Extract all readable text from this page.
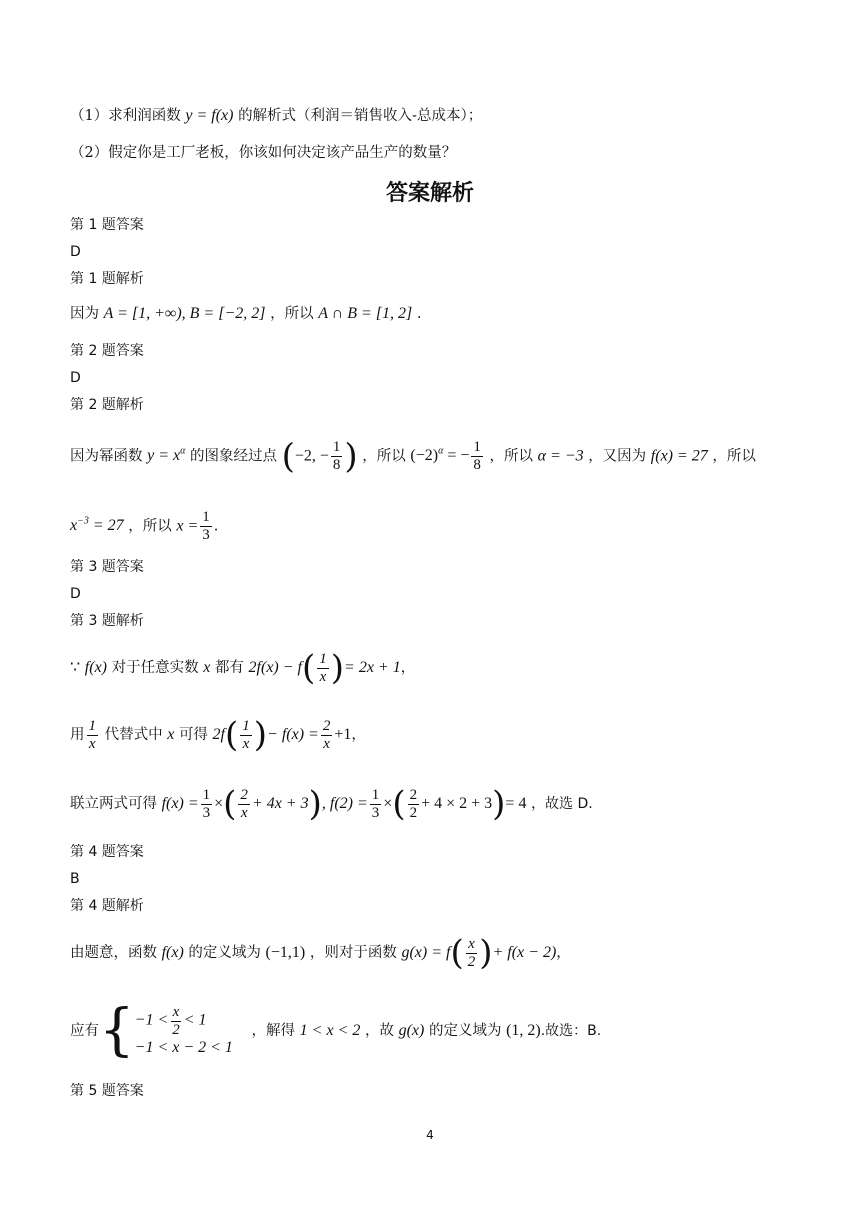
（1）求利润函数 y = f(x) 的解析式（利润＝销售收入-总成本）；
（2）假定你是工厂老板，你该如何决定该产品生产的数量？
答案解析
第 1 题答案
D
第 1 题解析
因为 A = [1, +∞), B = [−2, 2] ，所以 A ∩ B = [1, 2] .
第 2 题答案
D
第 2 题解析
因为幂函数 $y = x^\alpha$ 的图象经过点 (−2, − $\frac{1}{8}$ ) ，所以 $(-2)^\alpha$ = − $\frac{1}{8}$ ，所以 α = −3 ，又因为 f(x) = 27 ，所以
$x^{-3} = 27$ ，所以 $x = \frac{1}{3}$ .
第 3 题答案
D
第 3 题解析
∵ f(x) 对于任意实数 x 都有 $2f(x) - f( \frac{1}{x}$ )= 2x + 1，
用 $\frac{1}{x}$ 代替式中 x 可得 $2f( \frac{1}{x}$ )− $f(x) = \frac{2}{x} +1$，
联立两式可得 $f(x) = \frac{1}{3}$ ×( $\frac{2}{x} + 4x + 3$), $f(2) = \frac{1}{3}$ ×( $\frac{2}{2} + 4 \times 2 + 3)= 4$ ，故选 D.
第 4 题答案
B
第 4 题解析
由题意，函数 f(x) 的定义域为 (−1,1) ，则对于函数 $g(x) = f( \frac{x}{2}$ )+ f(x − 2)，
应有{ $-1 < \frac{x}{2} < 1$
−1 < x − 2 < 1
，解得 1 < x < 2 ，故 g(x) 的定义域为 (1, 2).故选：B.
第 5 题答案
4
